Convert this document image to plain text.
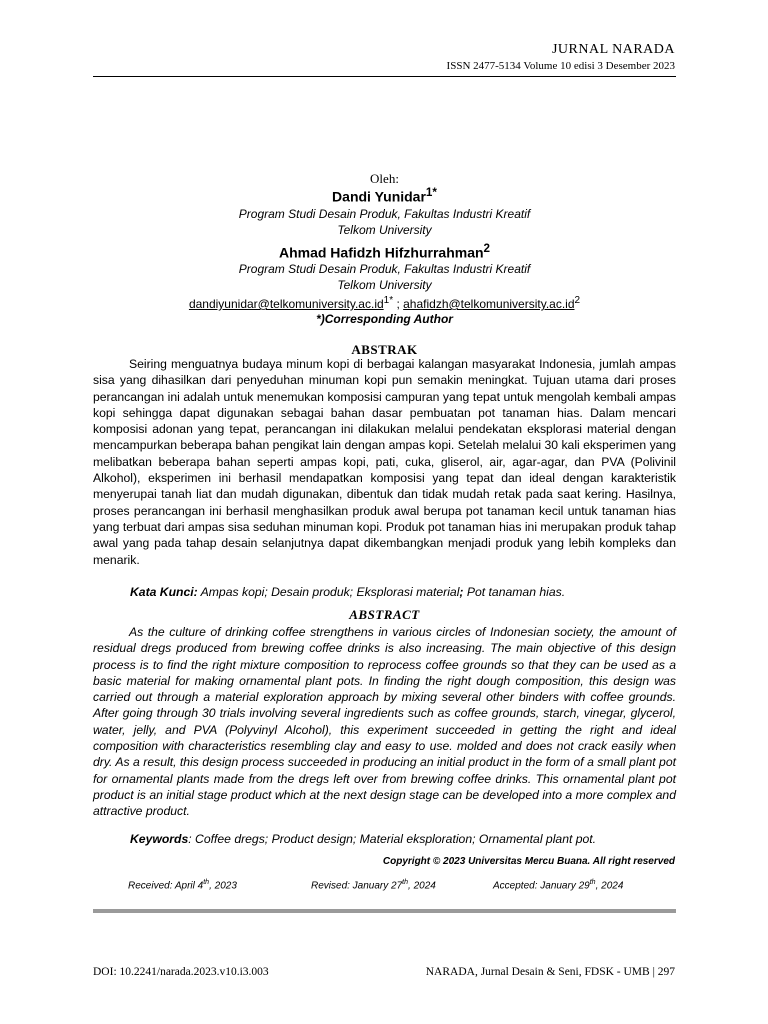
JURNAL NARADA
ISSN 2477-5134 Volume 10 edisi 3 Desember 2023
Oleh:
Dandi Yunidar$^{1*}$
Program Studi Desain Produk, Fakultas Industri Kreatif
Telkom University
Ahmad Hafidzh Hifzhurrahman$^2$
Program Studi Desain Produk, Fakultas Industri Kreatif
Telkom University
$dandiyunidar@telkomuniversity.ac.id^{1*}$ ; $ahafidzh@telkomuniversity.ac.id^2$
*)Corresponding Author
ABSTRAK

Seiring menguatnya budaya minum kopi di berbagai kalangan masyarakat Indonesia, jumlah ampas sisa yang dihasilkan dari penyeduhan minuman kopi pun semakin meningkat. Tujuan utama dari proses perancangan ini adalah untuk menemukan komposisi campuran yang tepat untuk mengolah kembali ampas kopi sehingga dapat digunakan sebagai bahan dasar pembuatan pot tanaman hias. Dalam mencari komposisi adonan yang tepat, perancangan ini dilakukan melalui pendekatan eksplorasi material dengan mencampurkan beberapa bahan pengikat lain dengan ampas kopi. Setelah melalui 30 kali eksperimen yang melibatkan beberapa bahan seperti ampas kopi, pati, cuka, gliserol, air, agar-agar, dan PVA (Polivinil Alkohol), eksperimen ini berhasil mendapatkan komposisi yang tepat dan ideal dengan karakteristik menyerupai tanah liat dan mudah digunakan, dibentuk dan tidak mudah retak pada saat kering. Hasilnya, proses perancangan ini berhasil menghasilkan produk awal berupa pot tanaman kecil untuk tanaman hias yang terbuat dari ampas sisa seduhan minuman kopi. Produk pot tanaman hias ini merupakan produk tahap awal yang pada tahap desain selanjutnya dapat dikembangkan menjadi produk yang lebih kompleks dan menarik.

Kata Kunci: Ampas kopi; Desain produk; Eksplorasi material; Pot tanaman hias.
ABSTRACT

As the culture of drinking coffee strengthens in various circles of Indonesian society, the amount of residual dregs produced from brewing coffee drinks is also increasing. The main objective of this design process is to find the right mixture composition to reprocess coffee grounds so that they can be used as a basic material for making ornamental plant pots. In finding the right dough composition, this design was carried out through a material exploration approach by mixing several other binders with coffee grounds. After going through 30 trials involving several ingredients such as coffee grounds, starch, vinegar, glycerol, water, jelly, and PVA (Polyvinyl Alcohol), this experiment succeeded in getting the right and ideal composition with characteristics resembling clay and easy to use. molded and does not crack easily when dry. As a result, this design process succeeded in producing an initial product in the form of a small plant pot for ornamental plants made from the dregs left over from brewing coffee drinks. This ornamental plant pot product is an initial stage product which at the next design stage can be developed into a more complex and attractive product.

Keywords: Coffee dregs; Product design; Material eksploration; Ornamental plant pot.
Copyright © 2023 Universitas Mercu Buana. All right reserved
Received: April 4th, 2023	Revised: January 27th, 2024	Accepted: January 29th, 2024
DOI: 10.2241/narada.2023.v10.i3.003	NARADA, Jurnal Desain & Seni, FDSK - UMB | 297
